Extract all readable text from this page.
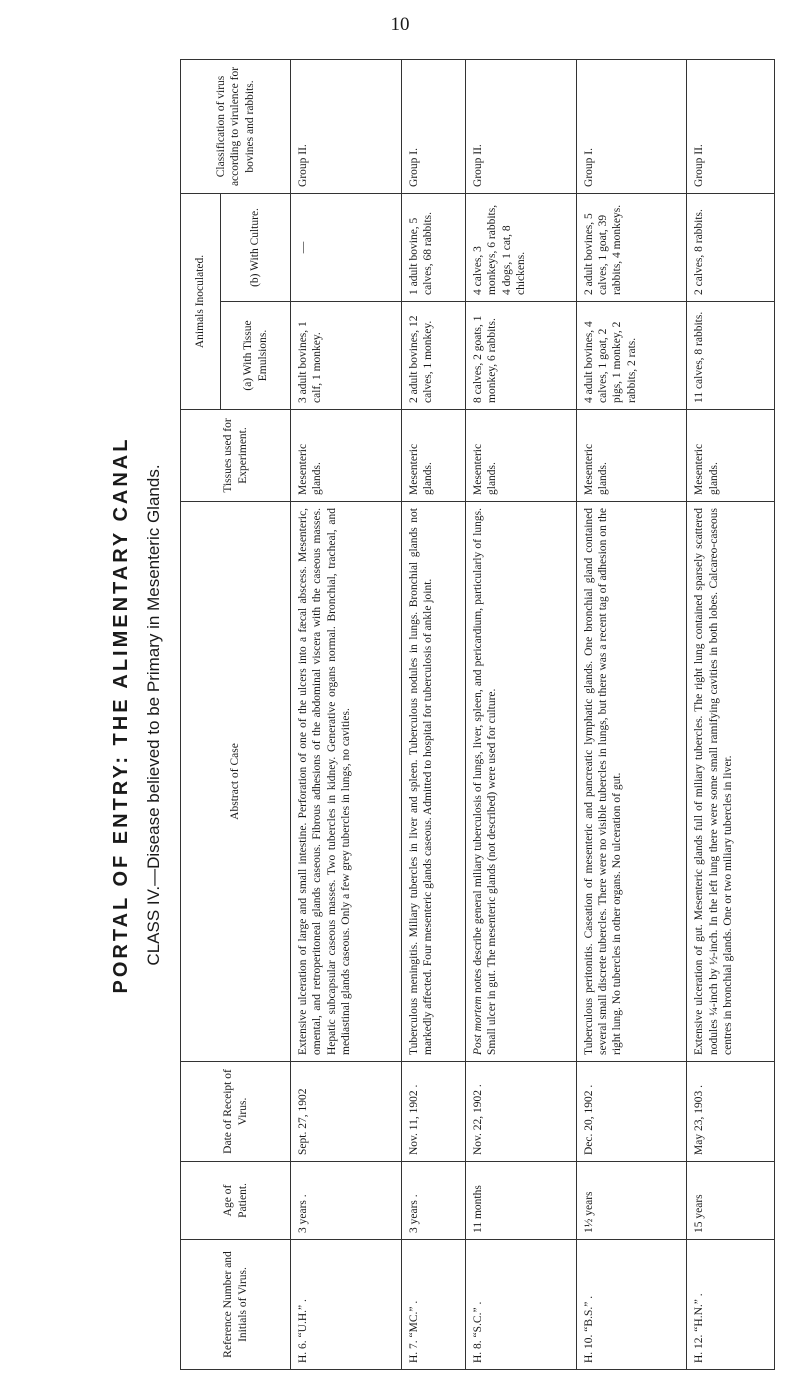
10
PORTAL OF ENTRY: THE ALIMENTARY CANAL CLASS IV.—Disease believed to be Primary in Mesenteric Glands.
Reference Number and Initials of Virus.	Age of Patient.	Date of Receipt of Virus.	Abstract of Case	Tissues used for Experiment.	Animals Inoculated.		Classification of virus according to virulence for bovines and rabbits.
					(a) With Tissue Emulsions.	(b) With Culture.	
H. 6. “U.H.” .	3 years .	Sept. 27, 1902	Extensive ulceration of large and small intestine. Perforation of one of the ulcers into a fæcal abscess. Mesenteric, omental, and retroperitoneal glands caseous. Fibrous adhesions of the abdominal viscera with the caseous masses. Hepatic subcapsular caseous masses. Two tubercles in kidney. Generative organs normal. Bronchial, tracheal, and mediastinal glands caseous. Only a few grey tubercles in lungs, no cavities.	Mesenteric glands.	3 adult bovines, 1 calf, 1 monkey.	—	Group II.
H. 7. “MC.” .	3 years .	Nov. 11, 1902 .	Tuberculous meningitis. Miliary tubercles in liver and spleen. Tuberculous nodules in lungs. Bronchial glands not markedly affected. Four mesenteric glands caseous. Admitted to hospital for tuberculosis of ankle joint.	Mesenteric glands.	2 adult bovines, 12 calves, 1 monkey.	1 adult bovine, 5 calves, 68 rabbits.	Group I.
H. 8. “S.C.” .	11 months	Nov. 22, 1902 .	Post mortem notes describe general miliary tuberculosis of lungs, liver, spleen, and pericardium, particularly of lungs. Small ulcer in gut. The mesenteric glands (not described) were used for culture.	Mesenteric glands.	8 calves, 2 goats, 1 monkey, 6 rabbits.	4 calves, 3 monkeys, 6 rabbits, 4 dogs, 1 cat, 8 chickens.	Group II.
H. 10. “B.S.” .	1½ years	Dec. 20, 1902 .	Tuberculous peritonitis. Caseation of mesenteric and pancreatic lymphatic glands. One bronchial gland contained several small discrete tubercles. There were no visible tubercles in lungs, but there was a recent tag of adhesion on the right lung. No tubercles in other organs. No ulceration of gut.	Mesenteric glands.	4 adult bovines, 4 calves, 1 goat, 2 pigs, 1 monkey, 2 rabbits, 2 rats.	2 adult bovines, 5 calves, 1 goat, 39 rabbits, 4 monkeys.	Group I.
H. 12. “H.N.” .	15 years	May 23, 1903 .	Extensive ulceration of gut. Mesenteric glands full of miliary tubercles. The right lung contained sparsely scattered nodules ¼-inch by ½-inch. In the left lung there were some small ramifying cavities in both lobes. Calcareo-caseous centres in bronchial glands. One or two miliary tubercles in liver.	Mesenteric glands.	11 calves, 8 rabbits.	2 calves, 8 rabbits.	Group II.
